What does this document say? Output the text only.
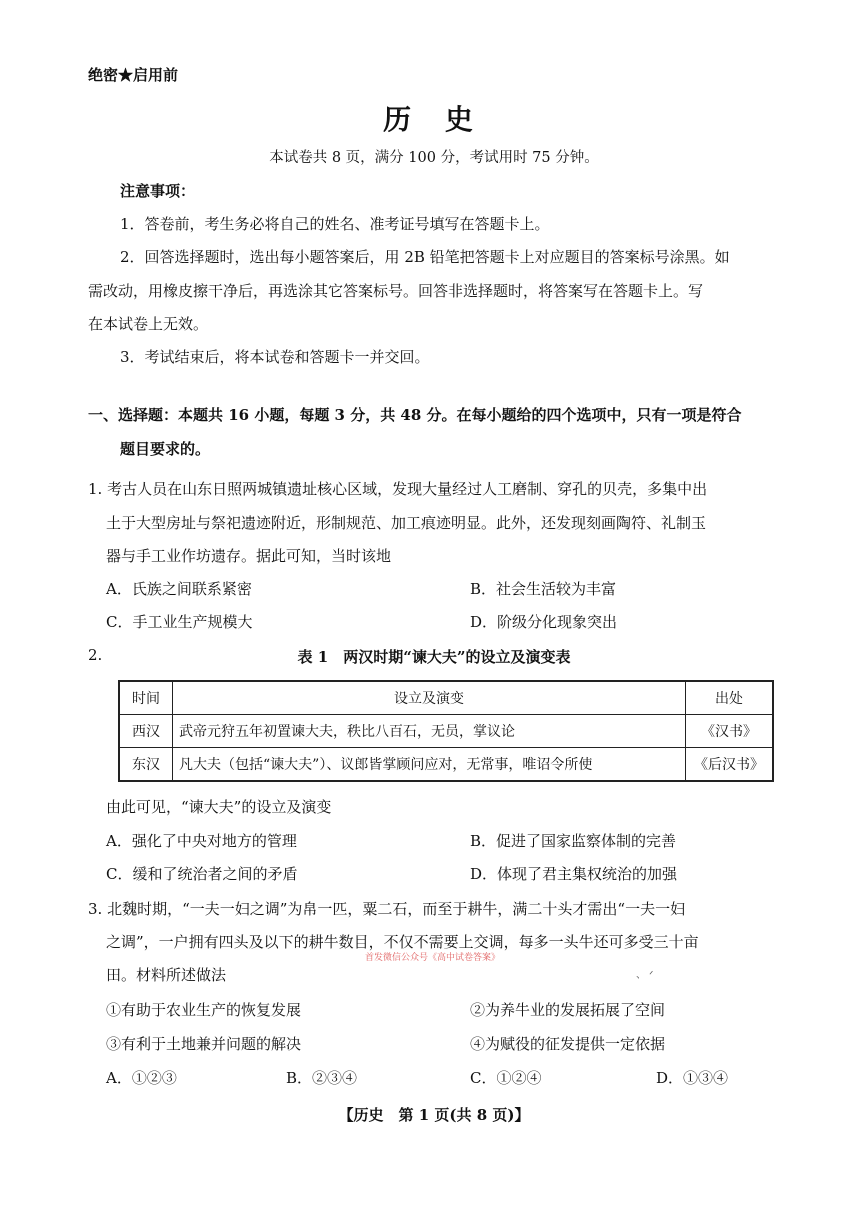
绝密★启用前
历 史
本试卷共 8 页，满分 100 分，考试用时 75 分钟。
注意事项：
1．答卷前，考生务必将自己的姓名、准考证号填写在答题卡上。
2．回答选择题时，选出每小题答案后，用 2B 铅笔把答题卡上对应题目的答案标号涂黑。如
需改动，用橡皮擦干净后，再选涂其它答案标号。回答非选择题时，将答案写在答题卡上。写
在本试卷上无效。
3．考试结束后，将本试卷和答题卡一并交回。
一、选择题：本题共 16 小题，每题 3 分，共 48 分。在每小题给的四个选项中，只有一项是符合
题目要求的。
1. 考古人员在山东日照两城镇遗址核心区域，发现大量经过人工磨制、穿孔的贝壳，多集中出
土于大型房址与祭祀遗迹附近，形制规范、加工痕迹明显。此外，还发现刻画陶符、礼制玉
器与手工业作坊遗存。据此可知，当时该地
A．氏族之间联系紧密	B．社会生活较为丰富
C．手工业生产规模大	D．阶级分化现象突出
2.	表 1　两汉时期“谏大夫”的设立及演变表
时间	设立及演变	出处
西汉	武帝元狩五年初置谏大夫，秩比八百石，无员，掌议论	《汉书》
东汉	凡大夫（包括“谏大夫”）、议郎皆掌顾问应对，无常事，唯诏令所使	《后汉书》
由此可见，“谏大夫”的设立及演变
A．强化了中央对地方的管理	B．促进了国家监察体制的完善
C．缓和了统治者之间的矛盾	D．体现了君主集权统治的加强
3. 北魏时期，“一夫一妇之调”为帛一匹，粟二石，而至于耕牛，满二十头才需出“一夫一妇
之调”，一户拥有四头及以下的耕牛数目，不仅不需要上交调，每多一头牛还可多受三十亩
首发微信公众号《高中试卷答案》
、 ᐟ
田。材料所述做法
①有助于农业生产的恢复发展	②为养牛业的发展拓展了空间
③有利于土地兼并问题的解决	④为赋役的征发提供一定依据
A．①②③	B．②③④	C．①②④	D．①③④
【历史　第 1 页(共 8 页)】
